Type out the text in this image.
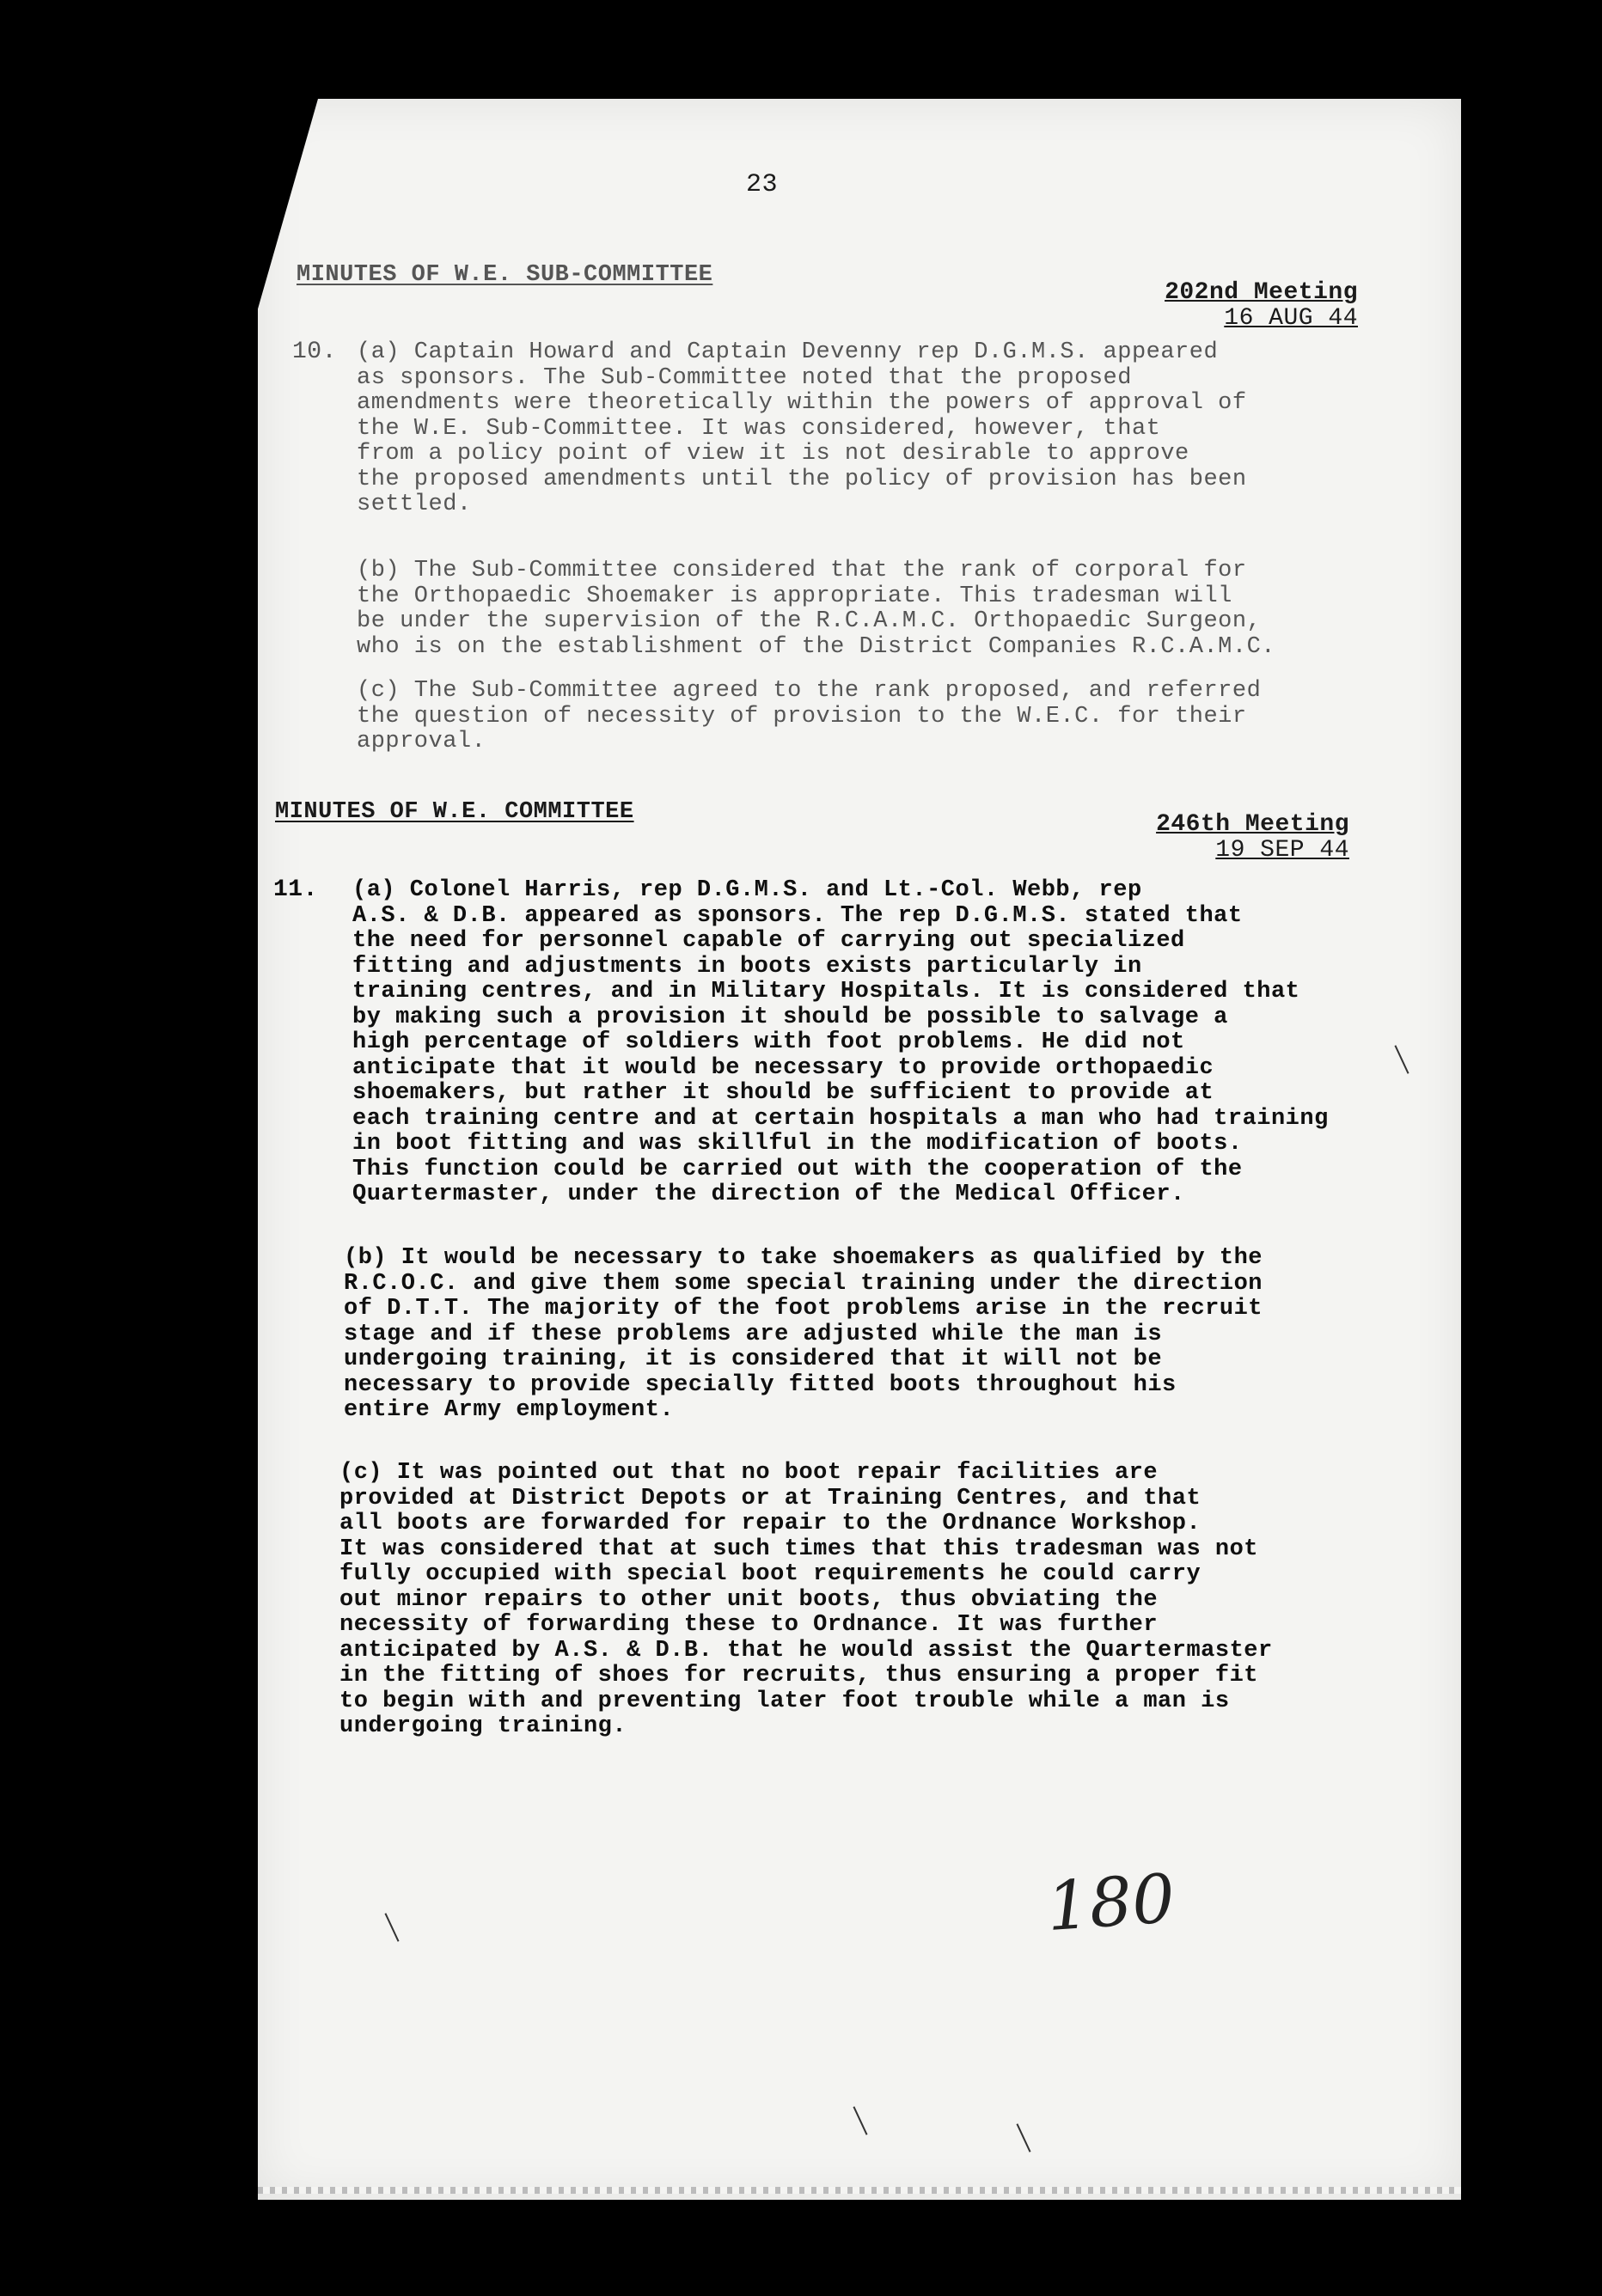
23
MINUTES OF W.E. SUB-COMMITTEE
202nd Meeting
16 AUG 44
10. (a) Captain Howard and Captain Devenny rep D.G.M.S. appeared
as sponsors. The Sub-Committee noted that the proposed
amendments were theoretically within the powers of approval of
the W.E. Sub-Committee. It was considered, however, that
from a policy point of view it is not desirable to approve
the proposed amendments until the policy of provision has been
settled.
(b) The Sub-Committee considered that the rank of corporal for
the Orthopaedic Shoemaker is appropriate. This tradesman will
be under the supervision of the R.C.A.M.C. Orthopaedic Surgeon,
who is on the establishment of the District Companies R.C.A.M.C.
(c) The Sub-Committee agreed to the rank proposed, and referred
the question of necessity of provision to the W.E.C. for their
approval.
MINUTES OF W.E. COMMITTEE	246th Meeting
19 SEP 44
11. (a) Colonel Harris, rep D.G.M.S. and Lt.-Col. Webb, rep
A.S. & D.B. appeared as sponsors. The rep D.G.M.S. stated that
the need for personnel capable of carrying out specialized
fitting and adjustments in boots exists particularly in
training centres, and in Military Hospitals. It is considered that
by making such a provision it should be possible to salvage a
high percentage of soldiers with foot problems. He did not
anticipate that it would be necessary to provide orthopaedic
shoemakers, but rather it should be sufficient to provide at
each training centre and at certain hospitals a man who had training
in boot fitting and was skillful in the modification of boots.
This function could be carried out with the cooperation of the
Quartermaster, under the direction of the Medical Officer.
(b) It would be necessary to take shoemakers as qualified by the
R.C.O.C. and give them some special training under the direction
of D.T.T. The majority of the foot problems arise in the recruit
stage and if these problems are adjusted while the man is
undergoing training, it is considered that it will not be
necessary to provide specially fitted boots throughout his
entire Army employment.
(c) It was pointed out that no boot repair facilities are
provided at District Depots or at Training Centres, and that
all boots are forwarded for repair to the Ordnance Workshop.
It was considered that at such times that this tradesman was not
fully occupied with special boot requirements he could carry
out minor repairs to other unit boots, thus obviating the
necessity of forwarding these to Ordnance. It was further
anticipated by A.S. & D.B. that he would assist the Quartermaster
in the fitting of shoes for recruits, thus ensuring a proper fit
to begin with and preventing later foot trouble while a man is
undergoing training.
180
